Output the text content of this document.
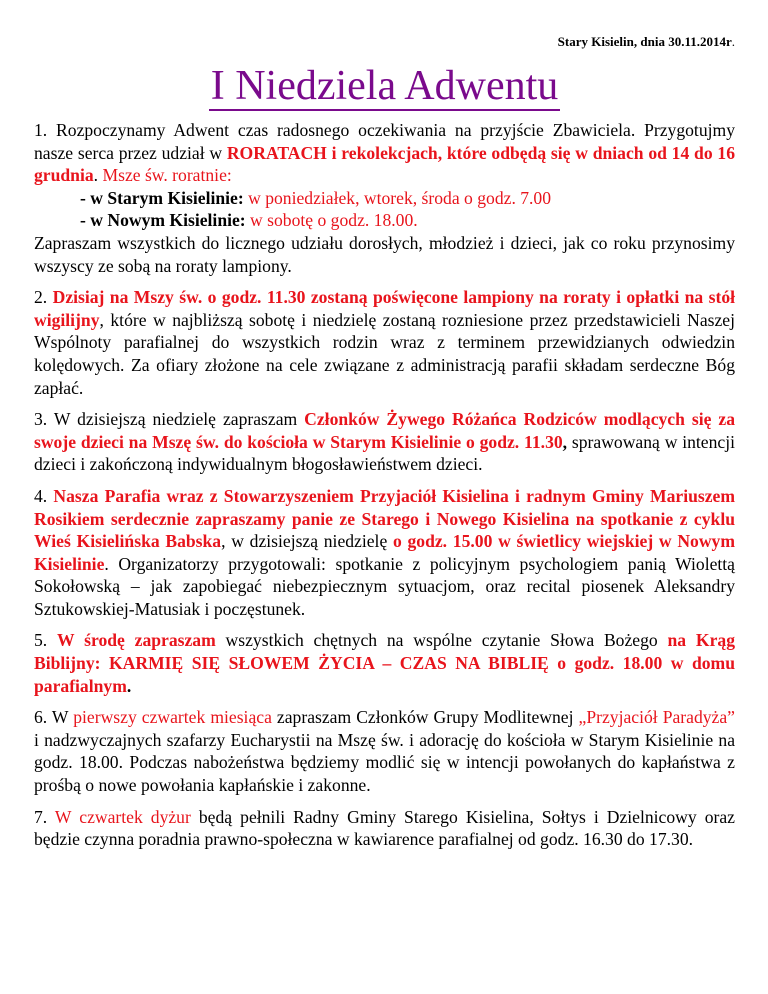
Stary Kisielin, dnia 30.11.2014r.
I Niedziela Adwentu

1. Rozpoczynamy Adwent czas radosnego oczekiwania na przyjście Zbawiciela. Przygotujmy nasze serca przez udział w RORATACH i rekolekcjach, które odbędą się w dniach od 14 do 16 grudnia. Msze św. roratnie:

- w Starym Kisielinie: w poniedziałek, wtorek, środa o godz. 7.00
- w Nowym Kisielinie: w sobotę o godz. 18.00.

Zapraszam wszystkich do licznego udziału dorosłych, młodzież i dzieci, jak co roku przynosimy wszyscy ze sobą na roraty lampiony.

2. Dzisiaj na Mszy św. o godz. 11.30 zostaną poświęcone lampiony na roraty i opłatki na stół wigilijny, które w najbliższą sobotę i niedzielę zostaną rozniesione przez przedstawicieli Naszej Wspólnoty parafialnej do wszystkich rodzin wraz z terminem przewidzianych odwiedzin kolędowych. Za ofiary złożone na cele związane z administracją parafii składam serdeczne Bóg zapłać.

3. W dzisiejszą niedzielę zapraszam Członków Żywego Różańca Rodziców modlących się za swoje dzieci na Mszę św. do kościoła w Starym Kisielinie o godz. 11.30, sprawowaną w intencji dzieci i zakończoną indywidualnym błogosławieństwem dzieci.

4. Nasza Parafia wraz z Stowarzyszeniem Przyjaciół Kisielina i radnym Gminy Mariuszem Rosikiem serdecznie zapraszamy panie ze Starego i Nowego Kisielina na spotkanie z cyklu Wieś Kisielińska Babska, w dzisiejszą niedzielę o godz. 15.00 w świetlicy wiejskiej w Nowym Kisielinie. Organizatorzy przygotowali: spotkanie z policyjnym psychologiem panią Wiolettą Sokołowską – jak zapobiegać niebezpiecznym sytuacjom, oraz recital piosenek Aleksandry Sztukowskiej-Matusiak i poczęstunek.

5. W środę zapraszam wszystkich chętnych na wspólne czytanie Słowa Bożego na Krąg Biblijny: KARMIĘ SIĘ SŁOWEM ŻYCIA – CZAS NA BIBLIĘ o godz. 18.00 w domu parafialnym.

6. W pierwszy czwartek miesiąca zapraszam Członków Grupy Modlitewnej „Przyjaciół Paradyża” i nadzwyczajnych szafarzy Eucharystii na Mszę św. i adorację do kościoła w Starym Kisielinie na godz. 18.00. Podczas nabożeństwa będziemy modlić się w intencji powołanych do kapłaństwa z prośbą o nowe powołania kapłańskie i zakonne.

7. W czwartek dyżur będą pełnili Radny Gminy Starego Kisielina, Sołtys i Dzielnicowy oraz będzie czynna poradnia prawno-społeczna w kawiarence parafialnej od godz. 16.30 do 17.30.
